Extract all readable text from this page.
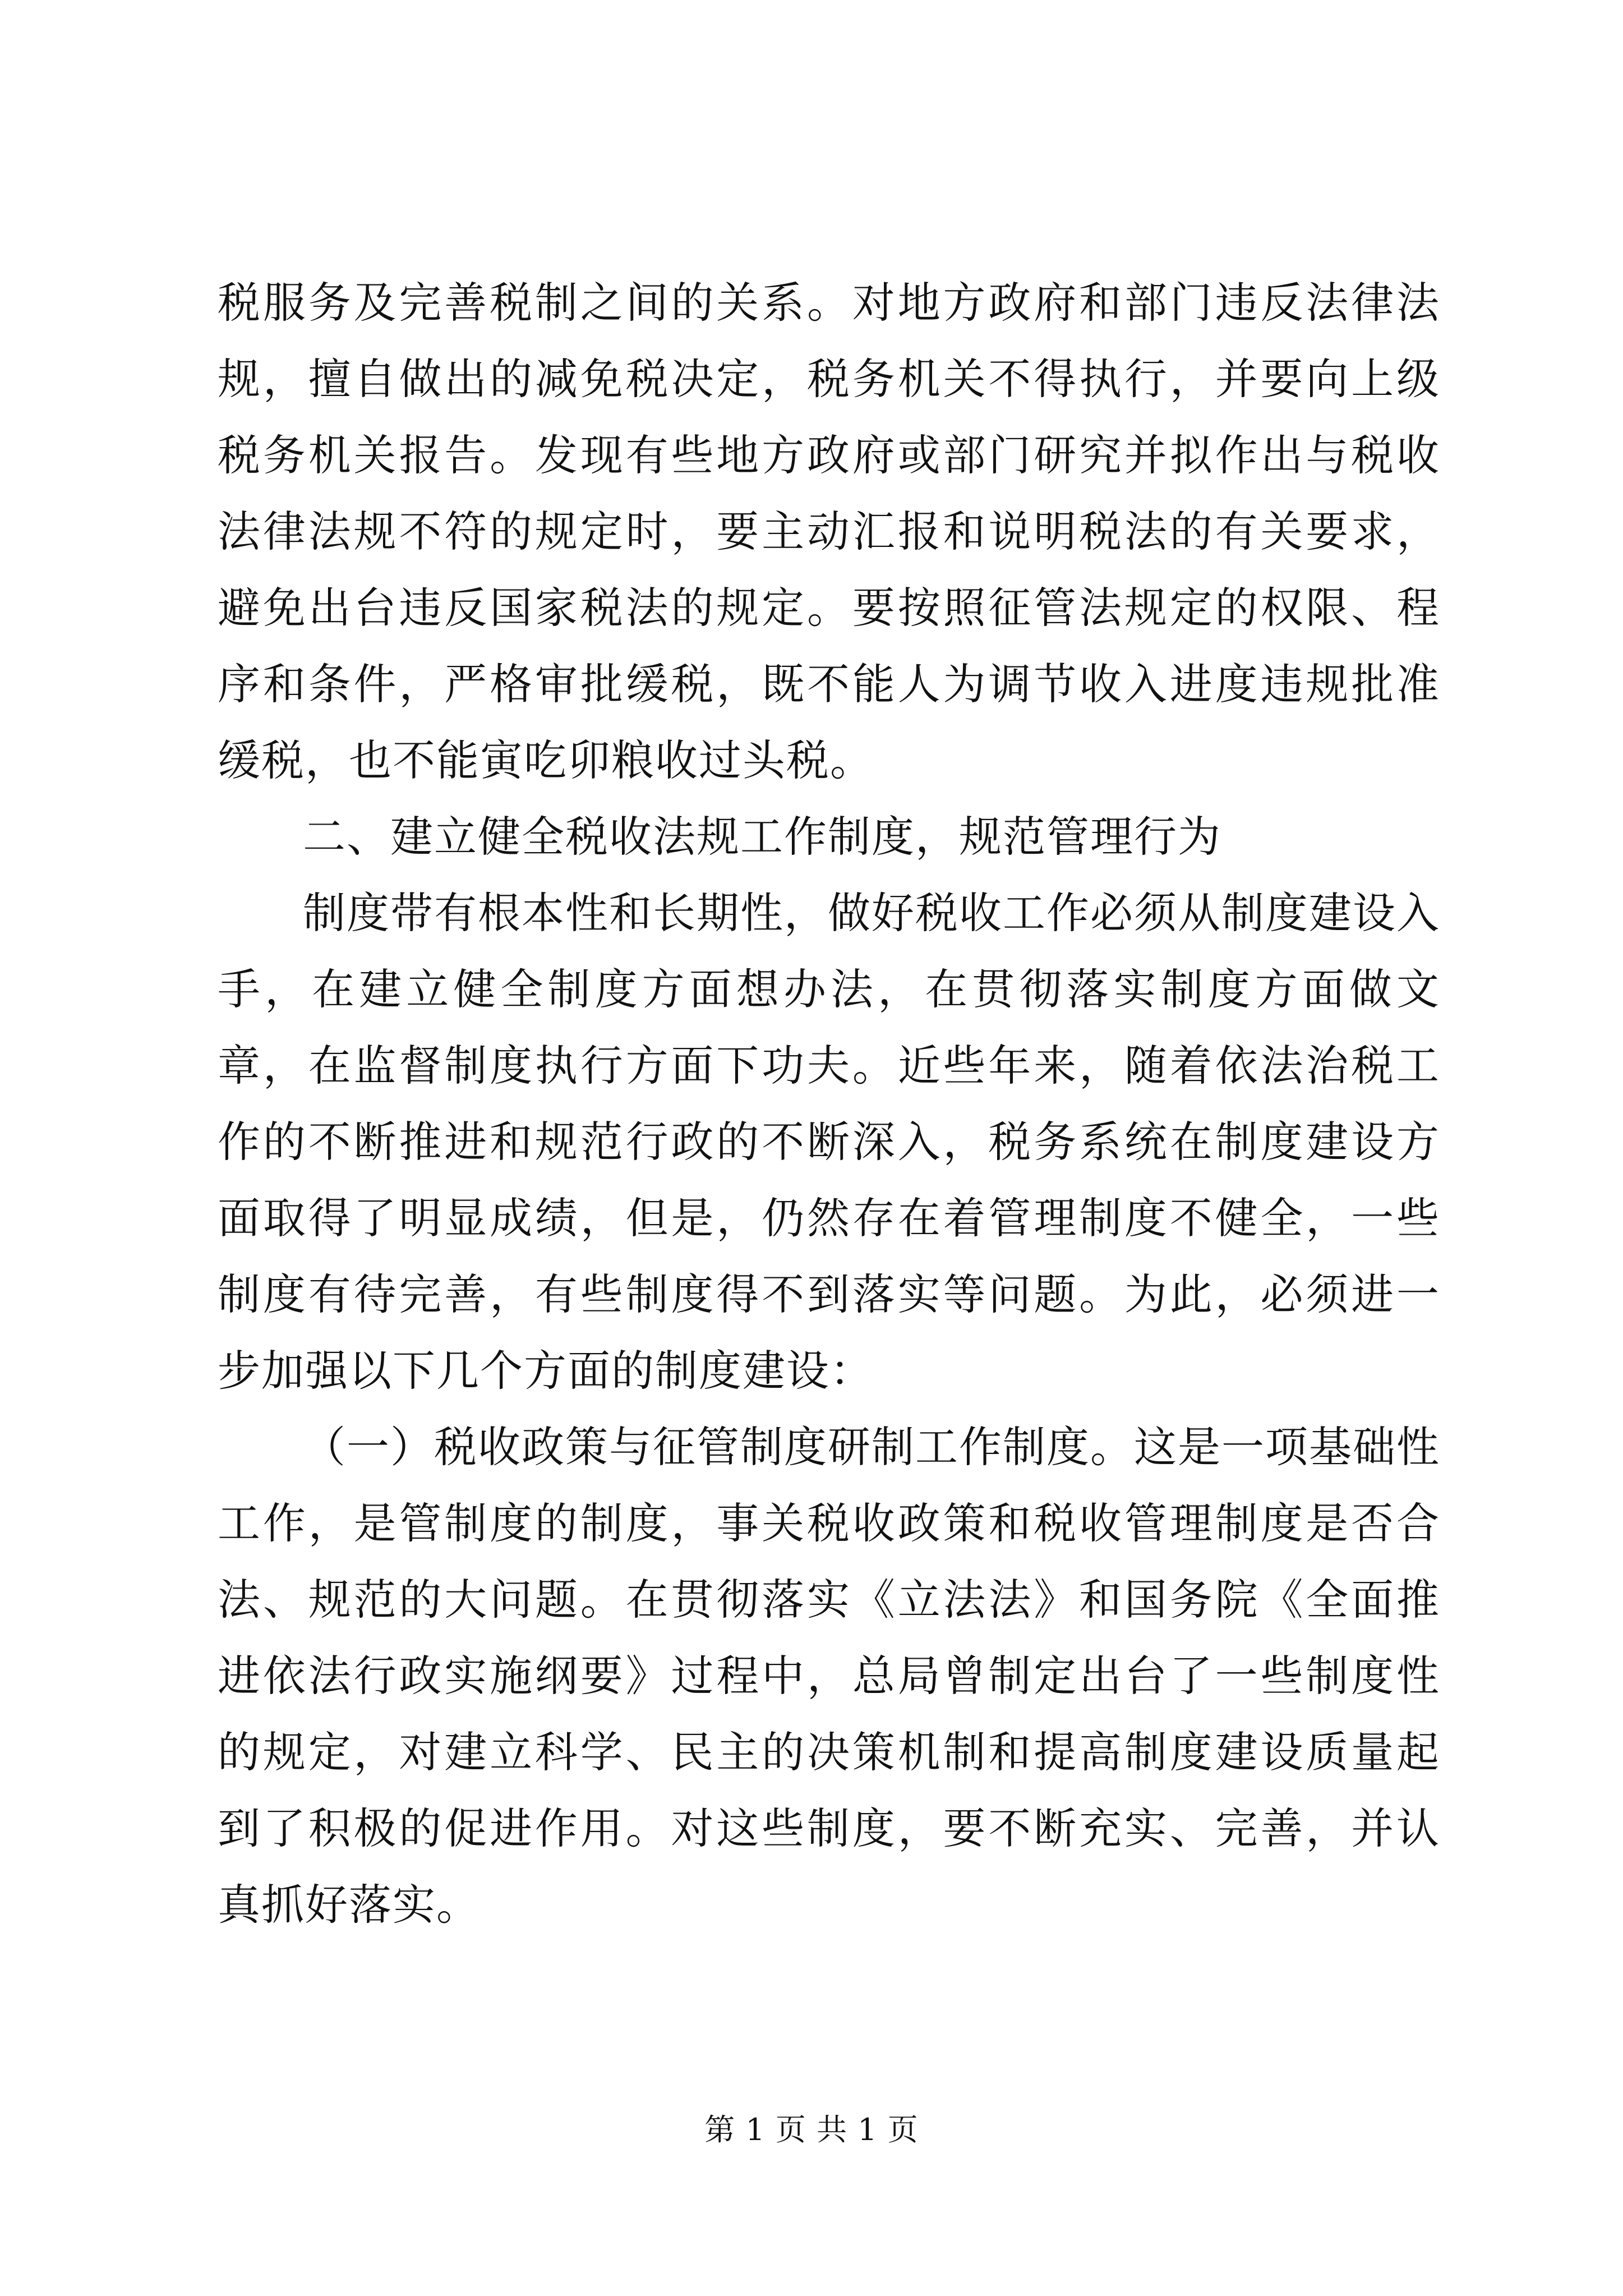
税服务及完善税制之间的关系。对地方政府和部门违反法律法规，擅自做出的减免税决定，税务机关不得执行，并要向上级税务机关报告。发现有些地方政府或部门研究并拟作出与税收法律法规不符的规定时，要主动汇报和说明税法的有关要求，避免出台违反国家税法的规定。要按照征管法规定的权限、程序和条件，严格审批缓税，既不能人为调节收入进度违规批准缓税，也不能寅吃卯粮收过头税。

二、建立健全税收法规工作制度，规范管理行为

制度带有根本性和长期性，做好税收工作必须从制度建设入手，在建立健全制度方面想办法，在贯彻落实制度方面做文章，在监督制度执行方面下功夫。近些年来，随着依法治税工作的不断推进和规范行政的不断深入，税务系统在制度建设方面取得了明显成绩，但是，仍然存在着管理制度不健全，一些制度有待完善，有些制度得不到落实等问题。为此，必须进一步加强以下几个方面的制度建设：

（一）税收政策与征管制度研制工作制度。这是一项基础性工作，是管制度的制度，事关税收政策和税收管理制度是否合法、规范的大问题。在贯彻落实《立法法》和国务院《全面推进依法行政实施纲要》过程中，总局曾制定出台了一些制度性的规定，对建立科学、民主的决策机制和提高制度建设质量起到了积极的促进作用。对这些制度，要不断充实、完善，并认真抓好落实。

第 1 页 共 1 页
